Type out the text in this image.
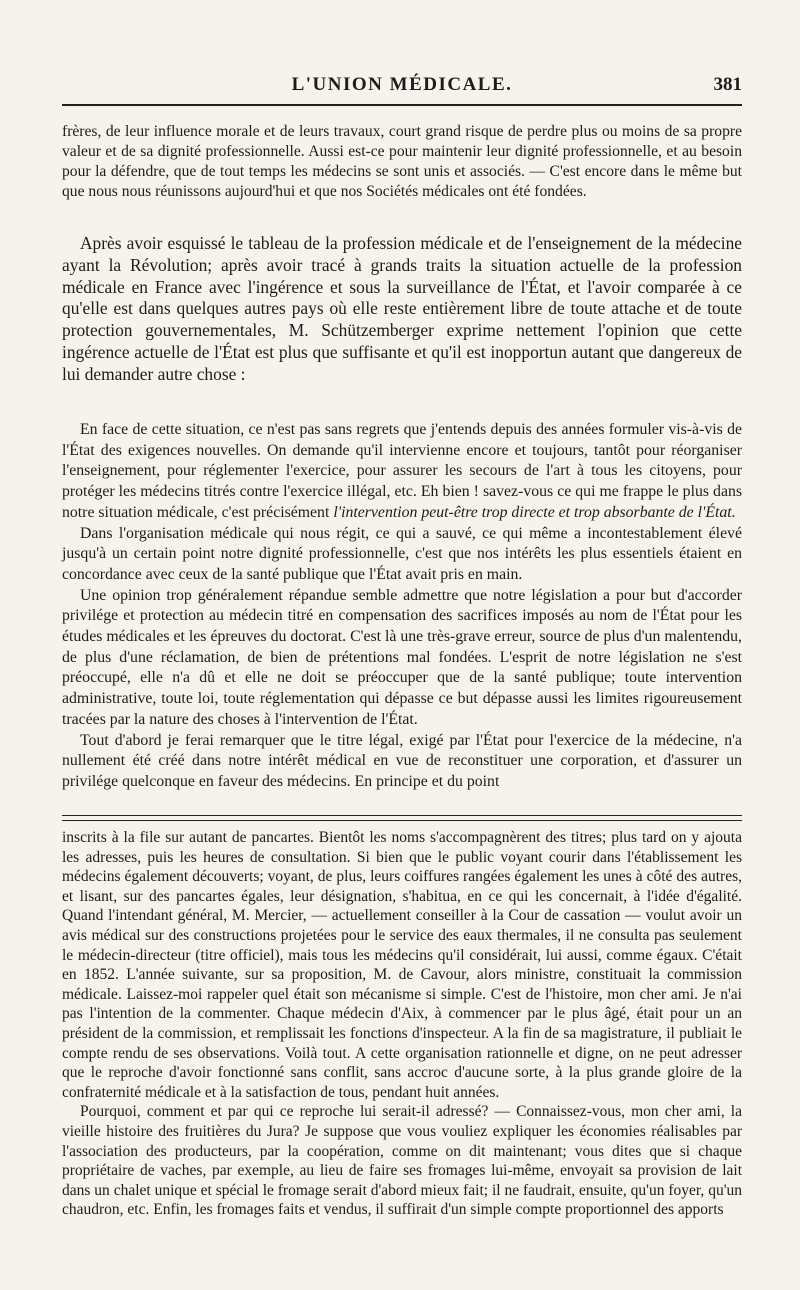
L'UNION MÉDICALE.	381

frères, de leur influence morale et de leurs travaux, court grand risque de perdre plus ou moins de sa propre valeur et de sa dignité professionnelle. Aussi est-ce pour maintenir leur dignité professionnelle, et au besoin pour la défendre, que de tout temps les médecins se sont unis et associés. — C'est encore dans le même but que nous nous réunissons aujourd'hui et que nos Sociétés médicales ont été fondées.

Après avoir esquissé le tableau de la profession médicale et de l'enseignement de la médecine ayant la Révolution; après avoir tracé à grands traits la situation actuelle de la profession médicale en France avec l'ingérence et sous la surveillance de l'État, et l'avoir comparée à ce qu'elle est dans quelques autres pays où elle reste entièrement libre de toute attache et de toute protection gouvernementales, M. Schützemberger exprime nettement l'opinion que cette ingérence actuelle de l'État est plus que suffisante et qu'il est inopportun autant que dangereux de lui demander autre chose :

En face de cette situation, ce n'est pas sans regrets que j'entends depuis des années formuler vis-à-vis de l'État des exigences nouvelles. On demande qu'il intervienne encore et toujours, tantôt pour réorganiser l'enseignement, pour réglementer l'exercice, pour assurer les secours de l'art à tous les citoyens, pour protéger les médecins titrés contre l'exercice illégal, etc. Eh bien ! savez-vous ce qui me frappe le plus dans notre situation médicale, c'est précisément l'intervention peut-être trop directe et trop absorbante de l'État.

Dans l'organisation médicale qui nous régit, ce qui a sauvé, ce qui même a incontestablement élevé jusqu'à un certain point notre dignité professionnelle, c'est que nos intérêts les plus essentiels étaient en concordance avec ceux de la santé publique que l'État avait pris en main.

Une opinion trop généralement répandue semble admettre que notre législation a pour but d'accorder privilége et protection au médecin titré en compensation des sacrifices imposés au nom de l'État pour les études médicales et les épreuves du doctorat. C'est là une très-grave erreur, source de plus d'un malentendu, de plus d'une réclamation, de bien de prétentions mal fondées. L'esprit de notre législation ne s'est préoccupé, elle n'a dû et elle ne doit se préoccuper que de la santé publique; toute intervention administrative, toute loi, toute réglementation qui dépasse ce but dépasse aussi les limites rigoureusement tracées par la nature des choses à l'intervention de l'État.

Tout d'abord je ferai remarquer que le titre légal, exigé par l'État pour l'exercice de la médecine, n'a nullement été créé dans notre intérêt médical en vue de reconstituer une corporation, et d'assurer un privilége quelconque en faveur des médecins. En principe et du point

inscrits à la file sur autant de pancartes. Bientôt les noms s'accompagnèrent des titres; plus tard on y ajouta les adresses, puis les heures de consultation. Si bien que le public voyant courir dans l'établissement les médecins également découverts; voyant, de plus, leurs coiffures rangées également les unes à côté des autres, et lisant, sur des pancartes égales, leur désignation, s'habitua, en ce qui les concernait, à l'idée d'égalité. Quand l'intendant général, M. Mercier, — actuellement conseiller à la Cour de cassation — voulut avoir un avis médical sur des constructions projetées pour le service des eaux thermales, il ne consulta pas seulement le médecin-directeur (titre officiel), mais tous les médecins qu'il considérait, lui aussi, comme égaux. C'était en 1852. L'année suivante, sur sa proposition, M. de Cavour, alors ministre, constituait la commission médicale. Laissez-moi rappeler quel était son mécanisme si simple. C'est de l'histoire, mon cher ami. Je n'ai pas l'intention de la commenter. Chaque médecin d'Aix, à commencer par le plus âgé, était pour un an président de la commission, et remplissait les fonctions d'inspecteur. A la fin de sa magistrature, il publiait le compte rendu de ses observations. Voilà tout. A cette organisation rationnelle et digne, on ne peut adresser que le reproche d'avoir fonctionné sans conflit, sans accroc d'aucune sorte, à la plus grande gloire de la confraternité médicale et à la satisfaction de tous, pendant huit années.

Pourquoi, comment et par qui ce reproche lui serait-il adressé? — Connaissez-vous, mon cher ami, la vieille histoire des fruitières du Jura? Je suppose que vous vouliez expliquer les économies réalisables par l'association des producteurs, par la coopération, comme on dit maintenant; vous dites que si chaque propriétaire de vaches, par exemple, au lieu de faire ses fromages lui-même, envoyait sa provision de lait dans un chalet unique et spécial le fromage serait d'abord mieux fait; il ne faudrait, ensuite, qu'un foyer, qu'un chaudron, etc. Enfin, les fromages faits et vendus, il suffirait d'un simple compte proportionnel des apports
